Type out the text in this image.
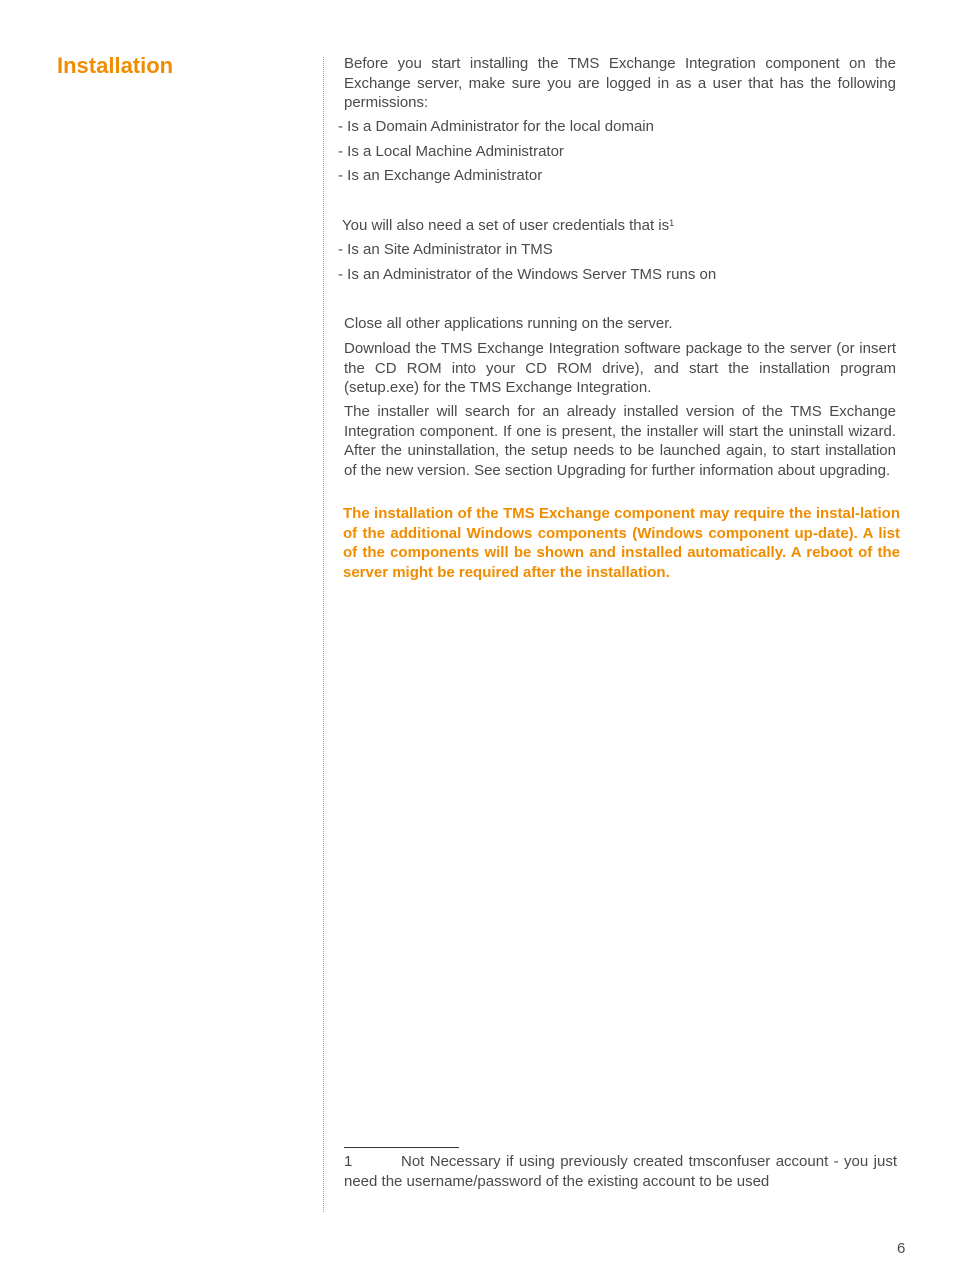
Installation	Before you start installing the TMS Exchange Integration component on the Exchange server, make sure you are logged in as a user that has the following permissions:

- Is a Domain Administrator for the local domain

- Is a Local Machine Administrator

- Is an Exchange Administrator

You will also need a set of user credentials that $is^1$

- Is an Site Administrator in TMS

- Is an Administrator of the Windows Server TMS runs on

Close all other applications running on the server.

Download the TMS Exchange Integration software package to the server (or insert the CD ROM into your CD ROM drive), and start the installation program (setup.exe) for the TMS Exchange Integration.

The installer will search for an already installed version of the TMS Exchange Integration component. If one is present, the installer will start the uninstall wizard. After the uninstallation, the setup needs to be launched again, to start installation of the new version. See section Upgrading for further information about upgrading.

The installation of the TMS Exchange component may require the instal-lation of the additional Windows components (Windows component up-date). A list of the components will be shown and installed automatically. A reboot of the server might be required after the installation.

1	Not Necessary if using previously created tmsconfuser account - you just need the username/password of the existing account to be used

6
